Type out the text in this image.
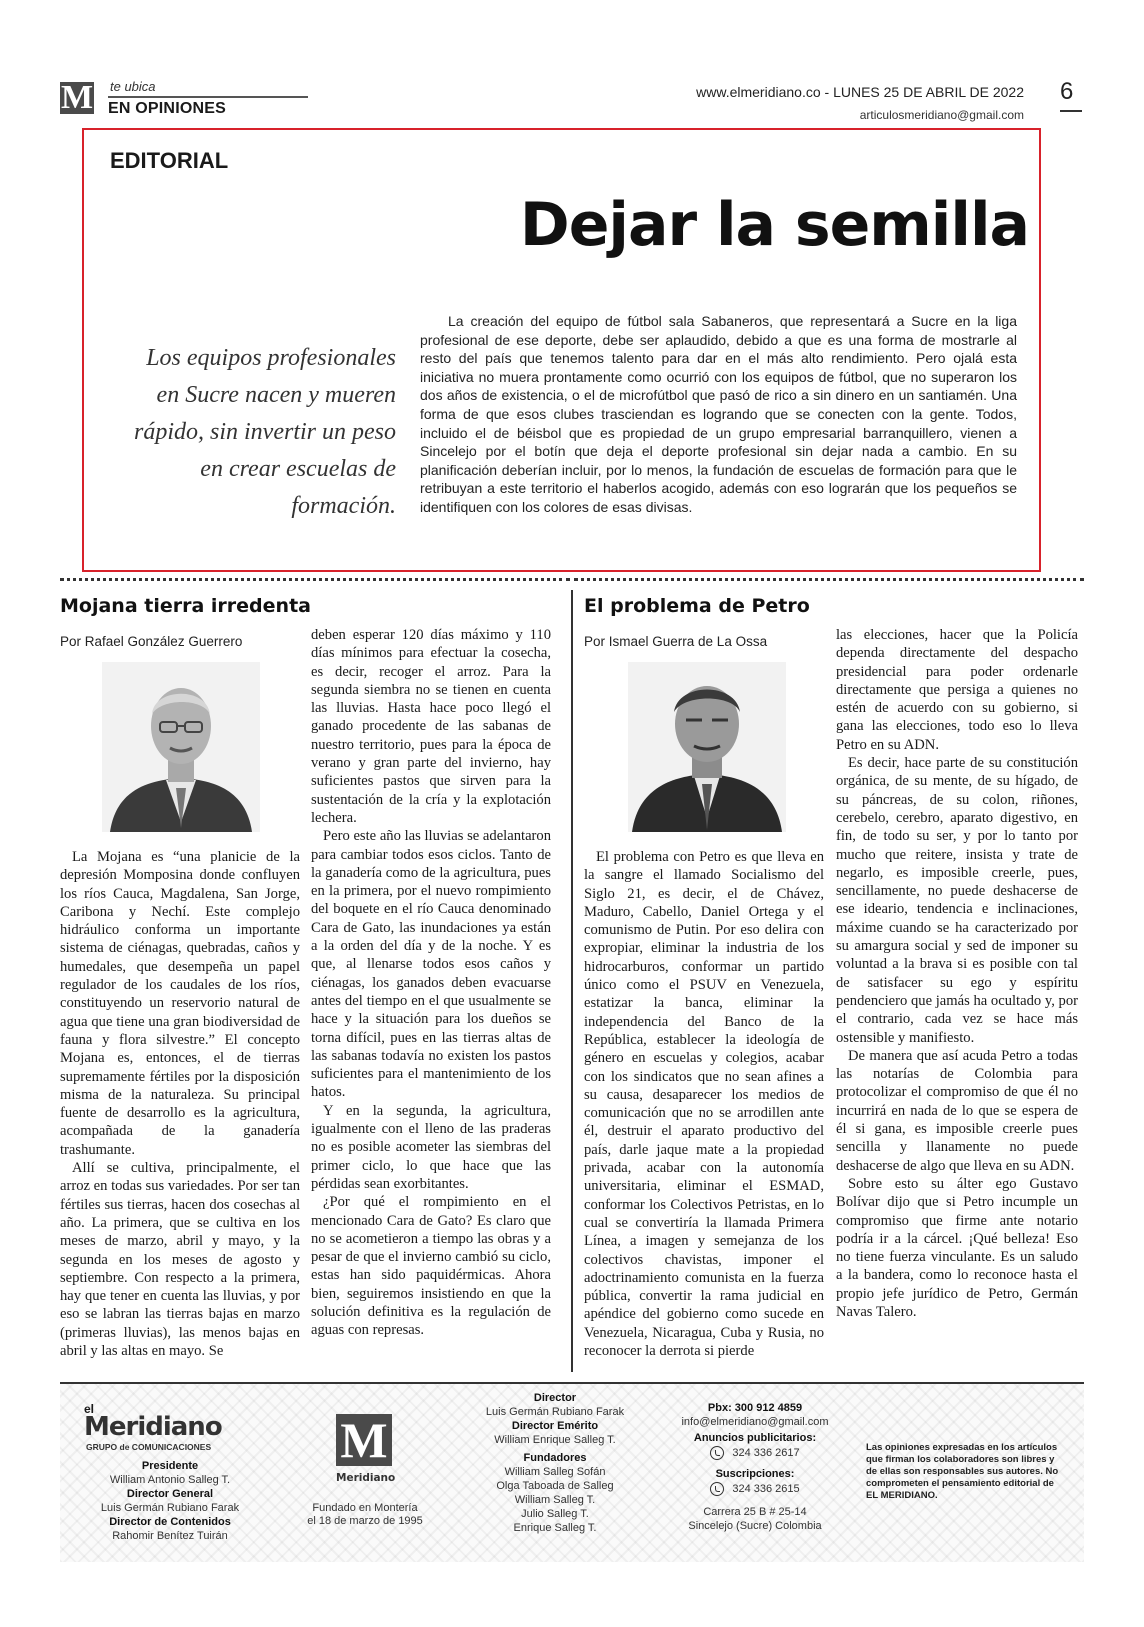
M te ubica
EN OPINIONES
www.elmeridiano.co - LUNES 25 DE ABRIL DE 2022
articulosmeridiano@gmail.com
6
EDITORIAL
Dejar la semilla
Los equipos profesionales en Sucre nacen y mueren rápido, sin invertir un peso en crear escuelas de formación.
La creación del equipo de fútbol sala Sabaneros, que representará a Sucre en la liga profesional de ese deporte, debe ser aplaudido, debido a que es una forma de mostrarle al resto del país que tenemos talento para dar en el más alto rendimiento. Pero ojalá esta iniciativa no muera prontamente como ocurrió con los equipos de fútbol, que no superaron los dos años de existencia, o el de microfútbol que pasó de rico a sin dinero en un santiamén. Una forma de que esos clubes trasciendan es logrando que se conecten con la gente. Todos, incluido el de béisbol que es propiedad de un grupo empresarial barranquillero, vienen a Sincelejo por el botín que deja el deporte profesional sin dejar nada a cambio. En su planificación deberían incluir, por lo menos, la fundación de escuelas de formación para que le retribuyan a este territorio el haberlos acogido, además con eso lograrán que los pequeños se identifiquen con los colores de esas divisas.
Mojana tierra irredenta
Por Rafael González Guerrero

La Mojana es “una planicie de la depresión Momposina donde confluyen los ríos Cauca, Magdalena, San Jorge, Caribona y Nechí. Este complejo hidráulico conforma un importante sistema de ciénagas, quebradas, caños y humedales, que desempeña un papel regulador de los caudales de los ríos, constituyendo un reservorio natural de agua que tiene una gran biodiversidad de fauna y flora silvestre.” El concepto Mojana es, entonces, el de tierras supremamente fértiles por la disposición misma de la naturaleza. Su principal fuente de desarrollo es la agricultura, acompañada de la ganadería trashumante.

Allí se cultiva, principalmente, el arroz en todas sus variedades. Por ser tan fértiles sus tierras, hacen dos cosechas al año. La primera, que se cultiva en los meses de marzo, abril y mayo, y la segunda en los meses de agosto y septiembre. Con respecto a la primera, hay que tener en cuenta las lluvias, y por eso se labran las tierras bajas en marzo (primeras lluvias), las menos bajas en abril y las altas en mayo. Se

deben esperar 120 días máximo y 110 días mínimos para efectuar la cosecha, es decir, recoger el arroz. Para la segunda siembra no se tienen en cuenta las lluvias. Hasta hace poco llegó el ganado procedente de las sabanas de nuestro territorio, pues para la época de verano y gran parte del invierno, hay suficientes pastos que sirven para la sustentación de la cría y la explotación lechera.

Pero este año las lluvias se adelantaron para cambiar todos esos ciclos. Tanto de la ganadería como de la agricultura, pues en la primera, por el nuevo rompimiento del boquete en el río Cauca denominado Cara de Gato, las inundaciones ya están a la orden del día y de la noche. Y es que, al llenarse todos esos caños y ciénagas, los ganados deben evacuarse antes del tiempo en el que usualmente se hace y la situación para los dueños se torna difícil, pues en las tierras altas de las sabanas todavía no existen los pastos suficientes para el mantenimiento de los hatos.

Y en la segunda, la agricultura, igualmente con el lleno de las praderas no es posible acometer las siembras del primer ciclo, lo que hace que las pérdidas sean exorbitantes.

¿Por qué el rompimiento en el mencionado Cara de Gato? Es claro que no se acometieron a tiempo las obras y a pesar de que el invierno cambió su ciclo, estas han sido paquidérmicas. Ahora bien, seguiremos insistiendo en que la solución definitiva es la regulación de aguas con represas.

El problema de Petro
Por Ismael Guerra de La Ossa

El problema con Petro es que lleva en la sangre el llamado Socialismo del Siglo 21, es decir, el de Chávez, Maduro, Cabello, Daniel Ortega y el comunismo de Putin. Por eso delira con expropiar, eliminar la industria de los hidrocarburos, conformar un partido único como el PSUV en Venezuela, estatizar la banca, eliminar la independencia del Banco de la República, establecer la ideología de género en escuelas y colegios, acabar con los sindicatos que no sean afines a su causa, desaparecer los medios de comunicación que no se arrodillen ante él, destruir el aparato productivo del país, darle jaque mate a la propiedad privada, acabar con la autonomía universitaria, eliminar el ESMAD, conformar los Colectivos Petristas, en lo cual se convertiría la llamada Primera Línea, a imagen y semejanza de los colectivos chavistas, imponer el adoctrinamiento comunista en la fuerza pública, convertir la rama judicial en apéndice del gobierno como sucede en Venezuela, Nicaragua, Cuba y Rusia, no reconocer la derrota si pierde

las elecciones, hacer que la Policía dependa directamente del despacho presidencial para poder ordenarle directamente que persiga a quienes no estén de acuerdo con su gobierno, si gana las elecciones, todo eso lo lleva Petro en su ADN.

Es decir, hace parte de su constitución orgánica, de su mente, de su hígado, de su páncreas, de su colon, riñones, cerebelo, cerebro, aparato digestivo, en fin, de todo su ser, y por lo tanto por mucho que reitere, insista y trate de negarlo, es imposible creerle, pues, sencillamente, no puede deshacerse de ese ideario, tendencia e inclinaciones, máxime cuando se ha caracterizado por su amargura social y sed de imponer su voluntad a la brava si es posible con tal de satisfacer su ego y espíritu pendenciero que jamás ha ocultado y, por el contrario, cada vez se hace más ostensible y manifiesto.

De manera que así acuda Petro a todas las notarías de Colombia para protocolizar el compromiso de que él no incurrirá en nada de lo que se espera de él si gana, es imposible creerle pues sencilla y llanamente no puede deshacerse de algo que lleva en su ADN.

Sobre esto su álter ego Gustavo Bolívar dijo que si Petro incumple un compromiso que firme ante notario podría ir a la cárcel. ¡Qué belleza! Eso no tiene fuerza vinculante. Es un saludo a la bandera, como lo reconoce hasta el propio jefe jurídico de Petro, Germán Navas Talero.

el
Meridiano
GRUPO de COMUNICACIONES
Presidente
William Antonio Salleg T.
Director General
Luis Germán Rubiano Farak
Director de Contenidos
Rahomir Benítez Tuirán
M
Meridiano
Fundado en Montería
el 18 de marzo de 1995
Director
Luis Germán Rubiano Farak
Director Emérito
William Enrique Salleg T.
Fundadores
William Salleg Sofán
Olga Taboada de Salleg
William Salleg T.
Julio Salleg T.
Enrique Salleg T.
Pbx: 300 912 4859
info@elmeridiano@gmail.com
Anuncios publicitarios:
324 336 2617
Suscripciones:
324 336 2615
Carrera 25 B # 25-14
Sincelejo (Sucre) Colombia
Las opiniones expresadas en los artículos que firman los colaboradores son libres y de ellas son responsables sus autores. No comprometen el pensamiento editorial de EL MERIDIANO.
